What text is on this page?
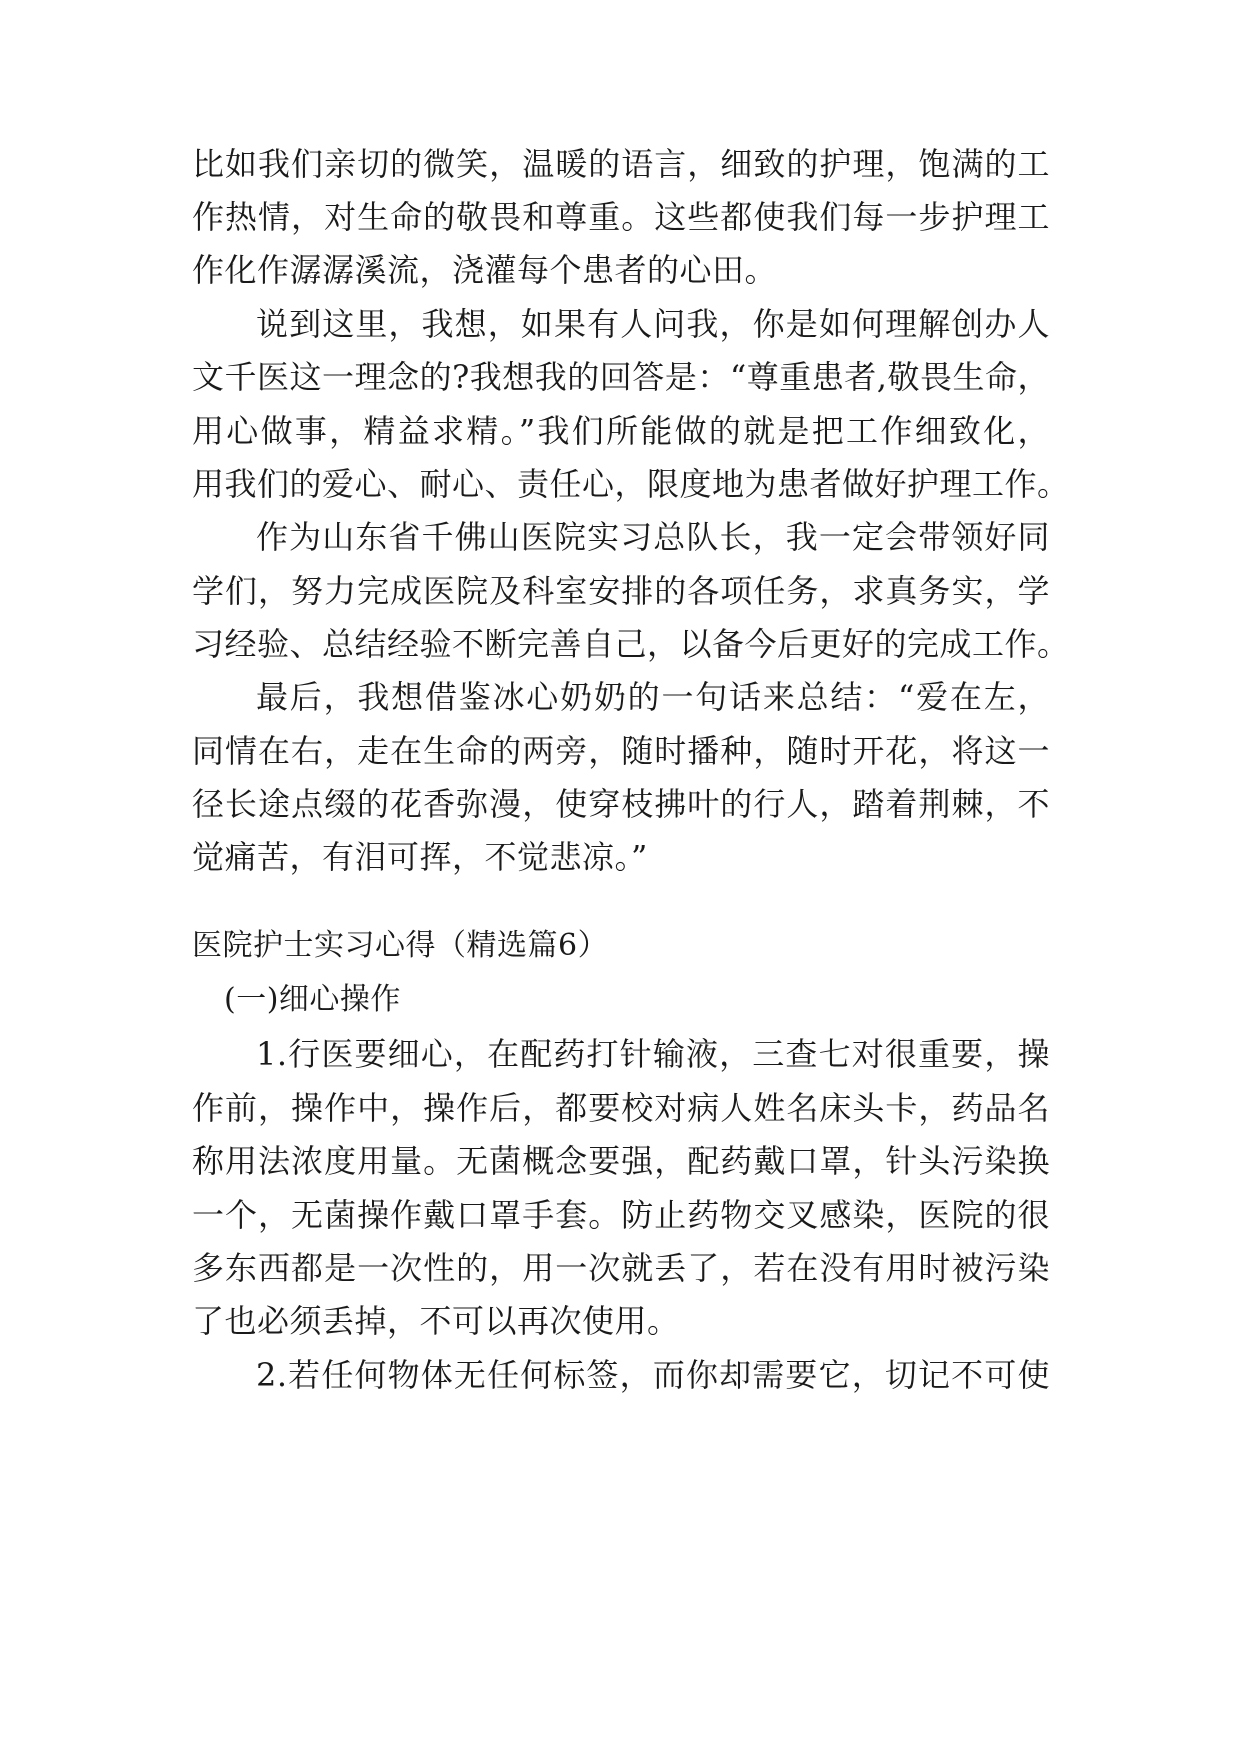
比如我们亲切的微笑，温暖的语言，细致的护理，饱满的工
作热情，对生命的敬畏和尊重。这些都使我们每一步护理工
作化作潺潺溪流，浇灌每个患者的心田。
说到这里，我想，如果有人问我，你是如何理解创办人
文千医这一理念的?我想我的回答是：“尊重患者,敬畏生命，
用心做事，精益求精。”我们所能做的就是把工作细致化，
用我们的爱心、耐心、责任心，限度地为患者做好护理工作。
作为山东省千佛山医院实习总队长，我一定会带领好同
学们，努力完成医院及科室安排的各项任务，求真务实，学
习经验、总结经验不断完善自己，以备今后更好的完成工作。
最后，我想借鉴冰心奶奶的一句话来总结：“爱在左，
同情在右，走在生命的两旁，随时播种，随时开花，将这一
径长途点缀的花香弥漫，使穿枝拂叶的行人，踏着荆棘，不
觉痛苦，有泪可挥，不觉悲凉。”
医院护士实习心得（精选篇6）
(一)细心操作
1.行医要细心，在配药打针输液，三查七对很重要，操
作前，操作中，操作后，都要校对病人姓名床头卡，药品名
称用法浓度用量。无菌概念要强，配药戴口罩，针头污染换
一个，无菌操作戴口罩手套。防止药物交叉感染，医院的很
多东西都是一次性的，用一次就丢了，若在没有用时被污染
了也必须丢掉，不可以再次使用。
2.若任何物体无任何标签，而你却需要它，切记不可使
